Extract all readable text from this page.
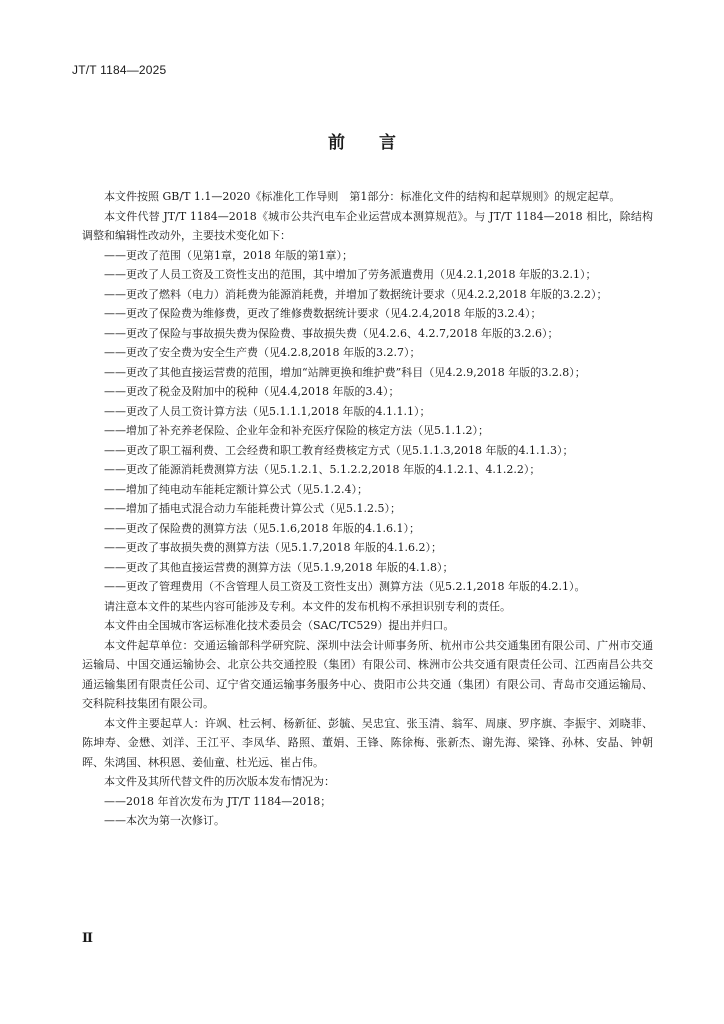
JT/T 1184—2025
前言

本文件按照 GB/T 1.1—2020《标准化工作导则　第1部分：标准化文件的结构和起草规则》的规定起草。

本文件代替 JT/T 1184—2018《城市公共汽电车企业运营成本测算规范》。与 JT/T 1184—2018 相比，除结构调整和编辑性改动外，主要技术变化如下：

——更改了范围（见第1章，2018 年版的第1章）；
——更改了人员工资及工资性支出的范围，其中增加了劳务派遣费用（见4.2.1,2018 年版的3.2.1）；
——更改了燃料（电力）消耗费为能源消耗费，并增加了数据统计要求（见4.2.2,2018 年版的3.2.2）；
——更改了保险费为维修费，更改了维修费数据统计要求（见4.2.4,2018 年版的3.2.4）；
——更改了保险与事故损失费为保险费、事故损失费（见4.2.6、4.2.7,2018 年版的3.2.6）；
——更改了安全费为安全生产费（见4.2.8,2018 年版的3.2.7）；
——更改了其他直接运营费的范围，增加“站牌更换和维护费”科目（见4.2.9,2018 年版的3.2.8）；
——更改了税金及附加中的税种（见4.4,2018 年版的3.4）；
——更改了人员工资计算方法（见5.1.1.1,2018 年版的4.1.1.1）；
——增加了补充养老保险、企业年金和补充医疗保险的核定方法（见5.1.1.2）；
——更改了职工福利费、工会经费和职工教育经费核定方式（见5.1.1.3,2018 年版的4.1.1.3）；
——更改了能源消耗费测算方法（见5.1.2.1、5.1.2.2,2018 年版的4.1.2.1、4.1.2.2）；
——增加了纯电动车能耗定额计算公式（见5.1.2.4）；
——增加了插电式混合动力车能耗费计算公式（见5.1.2.5）；
——更改了保险费的测算方法（见5.1.6,2018 年版的4.1.6.1）；
——更改了事故损失费的测算方法（见5.1.7,2018 年版的4.1.6.2）；
——更改了其他直接运营费的测算方法（见5.1.9,2018 年版的4.1.8）；
——更改了管理费用（不含管理人员工资及工资性支出）测算方法（见5.2.1,2018 年版的4.2.1）。

请注意本文件的某些内容可能涉及专利。本文件的发布机构不承担识别专利的责任。

本文件由全国城市客运标准化技术委员会（SAC/TC529）提出并归口。

本文件起草单位：交通运输部科学研究院、深圳中法会计师事务所、杭州市公共交通集团有限公司、广州市交通运输局、中国交通运输协会、北京公共交通控股（集团）有限公司、株洲市公共交通有限责任公司、江西南昌公共交通运输集团有限责任公司、辽宁省交通运输事务服务中心、贵阳市公共交通（集团）有限公司、青岛市交通运输局、交科院科技集团有限公司。

本文件主要起草人：许飒、杜云柯、杨新征、彭毓、吴忠宜、张玉清、翁军、周康、罗序旗、李振宇、刘晓菲、陈坤寿、金懋、刘洋、王江平、李凤华、路照、董娟、王锋、陈徐梅、张新杰、谢先海、梁锋、孙林、安晶、钟朝晖、朱鸿国、林积恩、姜仙童、杜光远、崔占伟。

本文件及其所代替文件的历次版本发布情况为：

——2018 年首次发布为 JT/T 1184—2018；
——本次为第一次修订。
Ⅱ
